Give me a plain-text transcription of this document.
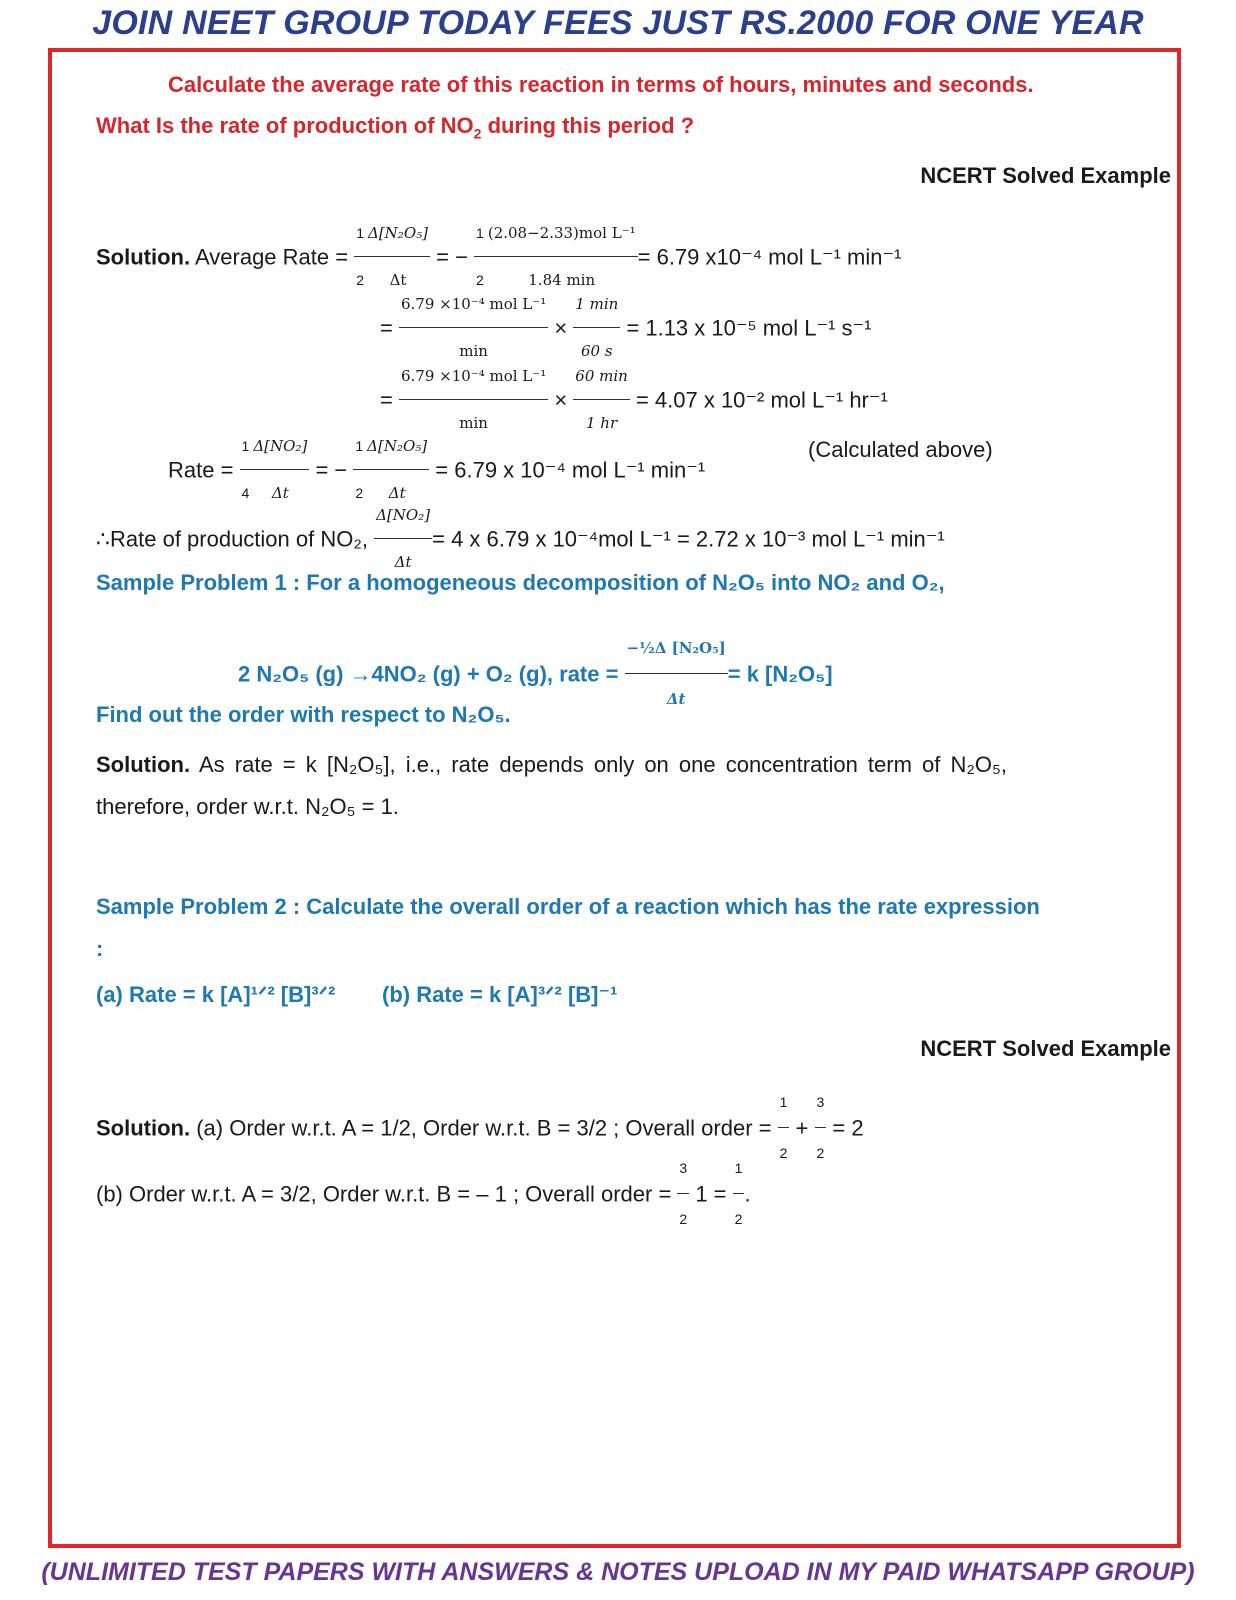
JOIN NEET GROUP TODAY FEES JUST RS.2000 FOR ONE YEAR
Calculate the average rate of this reaction in terms of hours, minutes and seconds.
What Is the rate of production of $NO_2$ during this period ?
NCERT Solved Example
Solution. Average Rate = $\frac{1}{2} \frac{\text{Δ[N₂O₅]}}{\Delta t}$ = − $\frac{1}{2} (2.08-2.33)mol$ L⁻¹
1.84 min
= 6.79 x10⁻⁴ mol L⁻¹ min⁻¹
=
6.79 ×10⁻⁴ mol L⁻¹
min
×
1 min
60 s
= 1.13 x 10⁻⁵ mol L⁻¹ s⁻¹
=
6.79 ×10⁻⁴ mol L⁻¹
min
×
60 min
1 hr
= 4.07 x 10⁻² mol L⁻¹ hr⁻¹
Rate = $\frac{1}{4} \frac{\text{Δ[NO₂]}}{\Delta t}$ = − $\frac{1}{2} \frac{\text{Δ[N₂O₅]}}{\Delta t} = 6.79$ x 10⁻⁴ mol L⁻¹ min⁻¹
(Calculated above)
∴Rate of production of NO₂, $\frac{\text{Δ[NO₂]}}{\Delta t} = 4$ x 6.79 x 10⁻⁴mol L⁻¹ = 2.72 x 10⁻³ mol L⁻¹ min⁻¹
Sample Problem 1 : For a homogeneous decomposition of N₂O₅ into NO₂ and O₂,
2 N₂O₅ (g) →4NO₂ (g) + O₂ (g), rate = $\frac{\text{−½Δ [N₂O₅]}}{\Delta t} = k$ [N₂O₅]
Find out the order with respect to N₂O₅.
Solution. As rate = k [N₂O₅], i.e., rate depends only on one concentration term of N₂O₅,
therefore, order w.r.t. N₂O₅ = 1.
Sample Problem 2 : Calculate the overall order of a reaction which has the rate expression
:
(a) Rate = k [A]¹ᐟ² [B]³ᐟ² (b) Rate = k [A]³ᐟ² [B]⁻¹
NCERT Solved Example
Solution. (a) Order w.r.t. A = 1/2, Order w.r.t. B = 3/2 ; Overall order = $\frac{1}{2} + \frac{3}{2} = 2$
(b) Order w.r.t. A = 3/2, Order w.r.t. B = – 1 ; Overall order = $\frac{3}{2} 1 = \frac{1}{2}$ .
(UNLIMITED TEST PAPERS WITH ANSWERS & NOTES UPLOAD IN MY PAID WHATSAPP GROUP)
